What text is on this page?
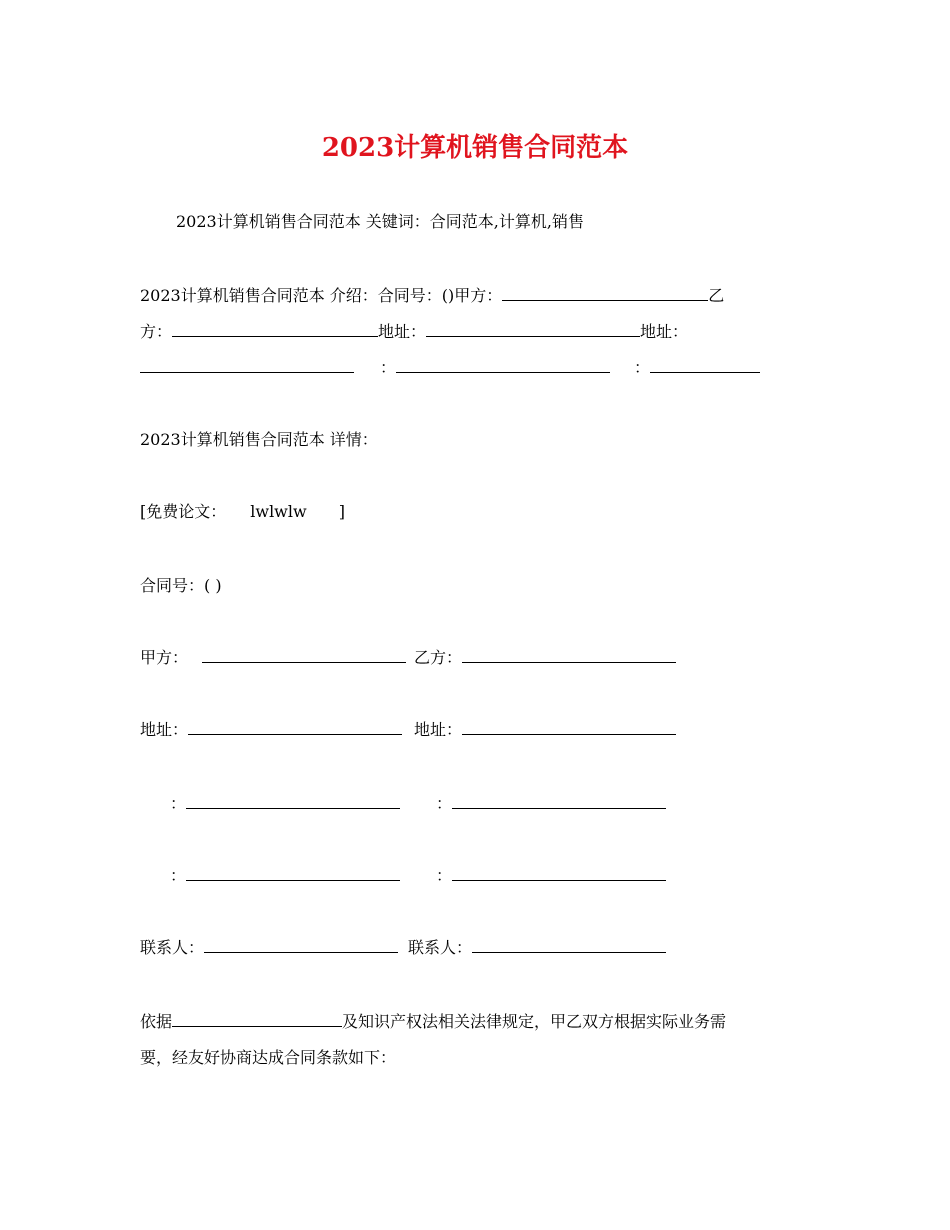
2023计算机销售合同范本
2023计算机销售合同范本 关键词：合同范本,计算机,销售
2023计算机销售合同范本 介绍：合同号：()甲方：	乙
方：	地址：	地址：
：	：
2023计算机销售合同范本 详情：
[免费论文： lwlwlw ]
合同号：( )
甲方：	乙方：
地址：	地址：
：	：
：	：
联系人：	联系人：
依据	及知识产权法相关法律规定，甲乙双方根据实际业务需
要，经友好协商达成合同条款如下：
